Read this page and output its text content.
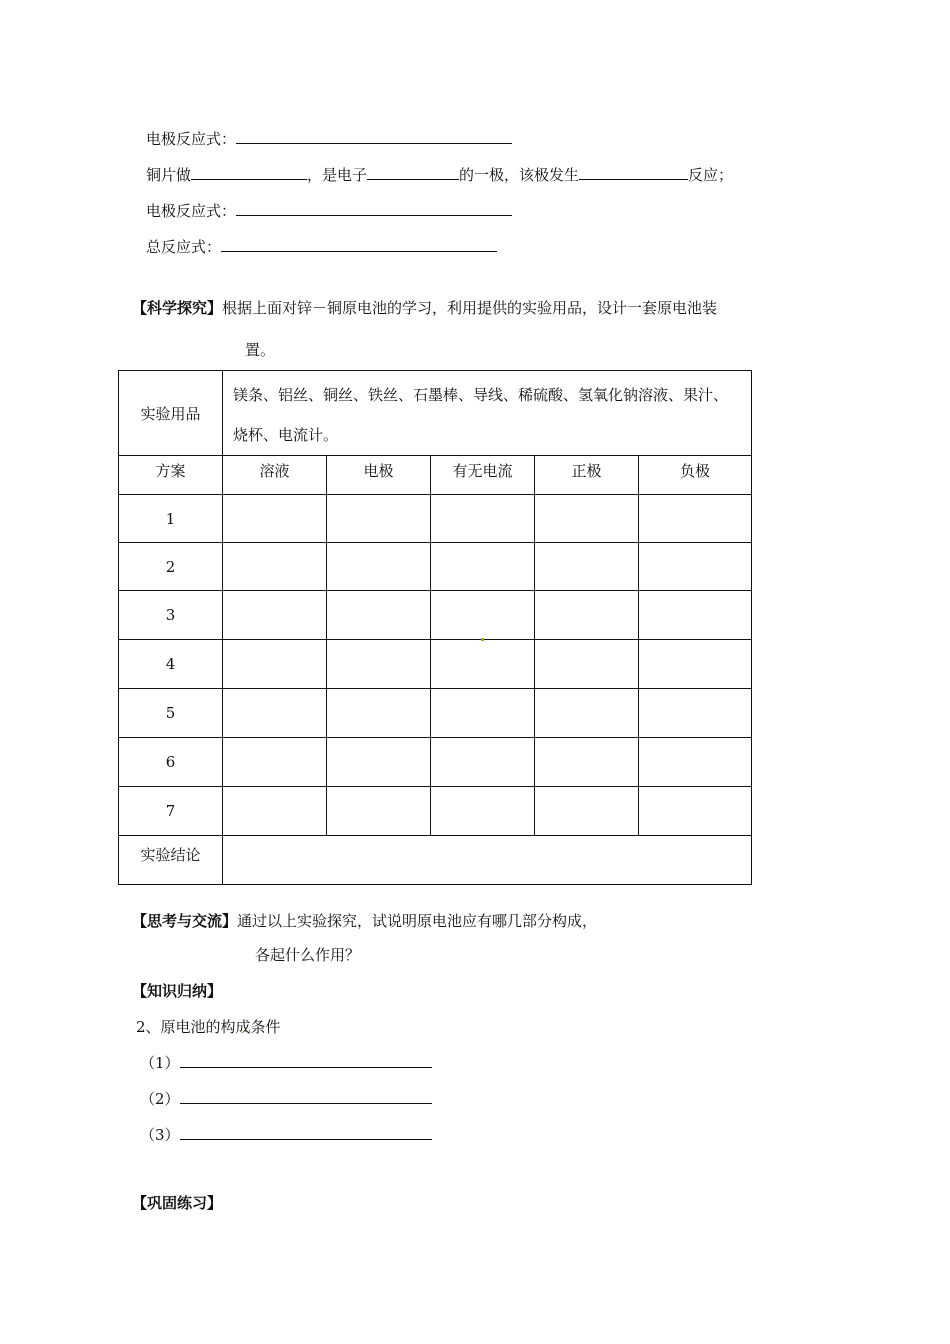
电极反应式：
铜片做	，是电子	的一极，该极发生	反应；
电极反应式：
总反应式：
【科学探究】根据上面对锌－铜原电池的学习，利用提供的实验用品，设计一套原电池装
置。
实验用品	镁条、铝丝、铜丝、铁丝、石墨棒、导线、稀硫酸、氢氧化钠溶液、果汁、烧杯、电流计。				
方案	溶液	电极	有无电流	正极	负极
1					
2					
3					
4					
5					
6					
7					
实验结论					
【思考与交流】通过以上实验探究，试说明原电池应有哪几部分构成，
各起什么作用？
【知识归纳】
2、原电池的构成条件
（1）
（2）
（3）
【巩固练习】
